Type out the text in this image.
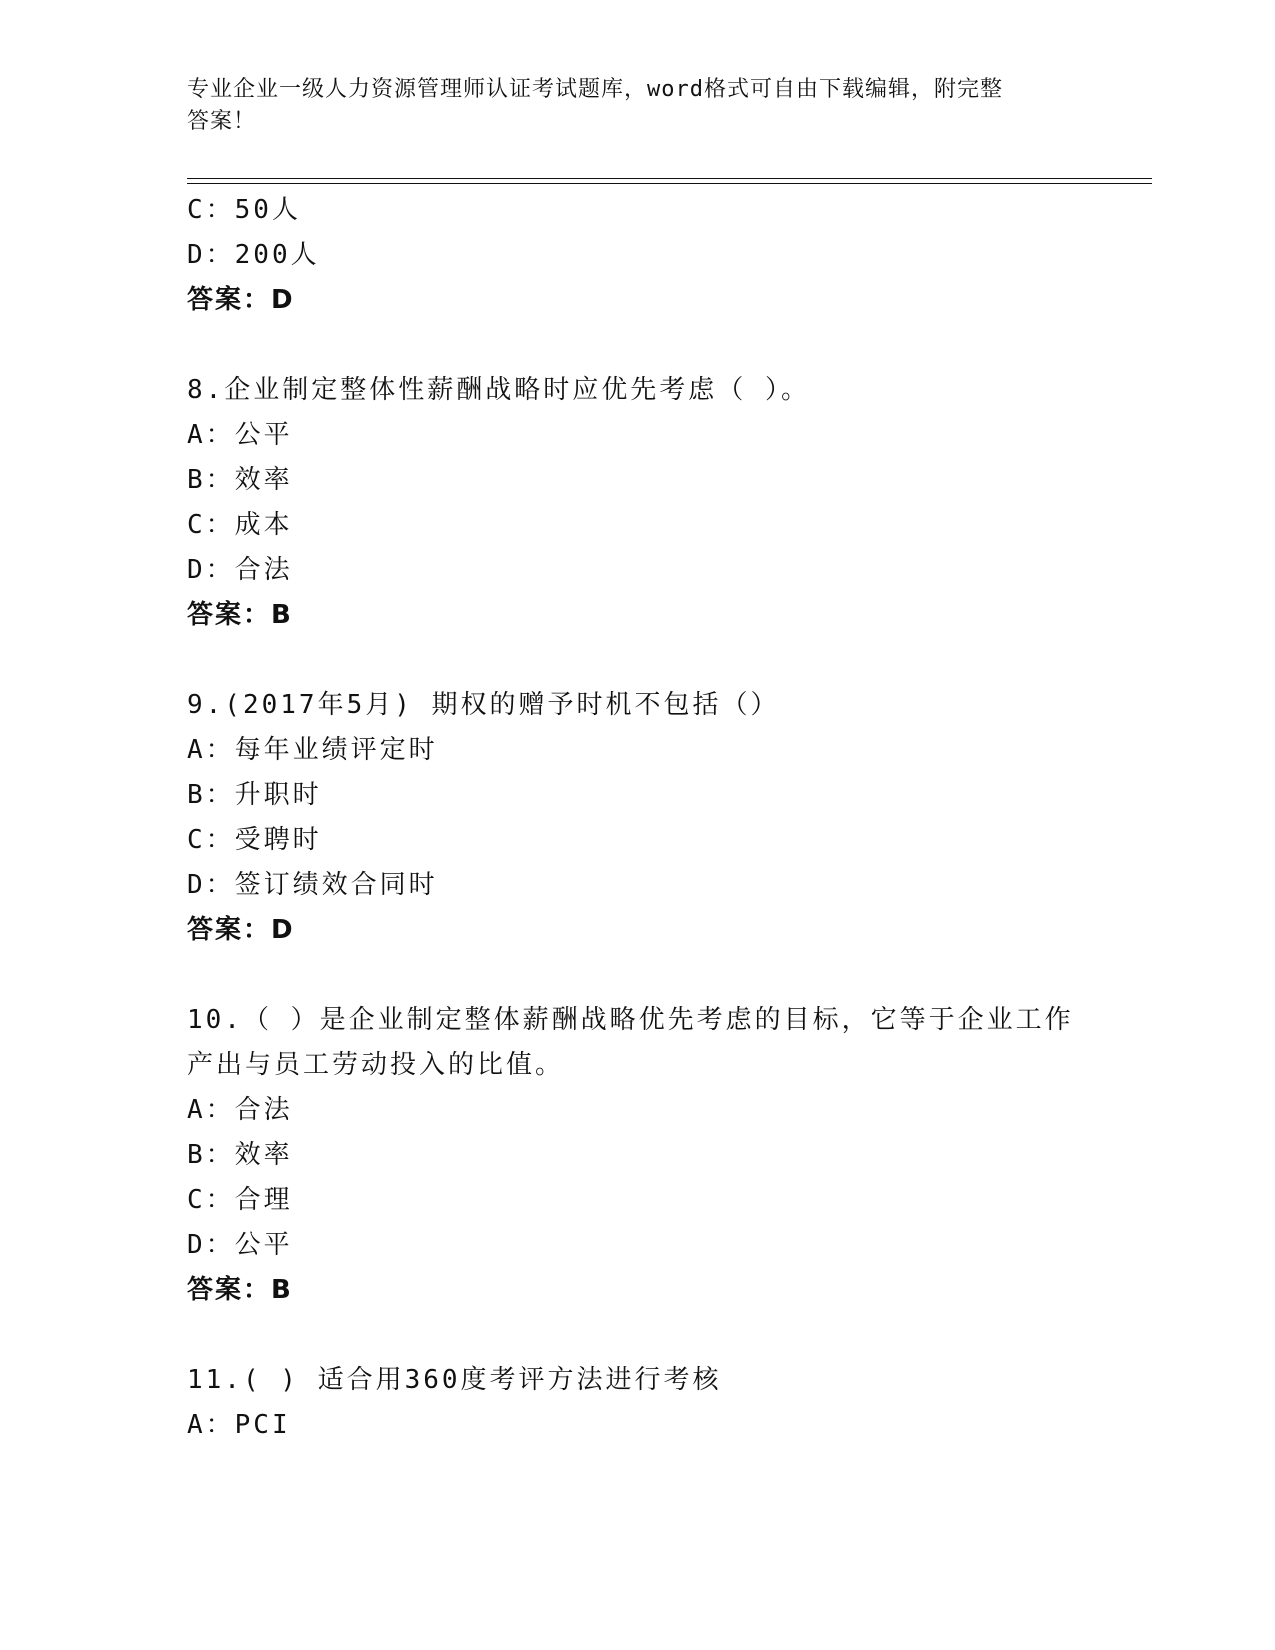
专业企业一级人力资源管理师认证考试题库，word格式可自由下载编辑，附完整
答案！
C：50人
D：200人
答案：D
8.企业制定整体性薪酬战略时应优先考虑（ ）。
A：公平
B：效率
C：成本
D：合法
答案：B
9.(2017年5月) 期权的赠予时机不包括（）
A：每年业绩评定时
B：升职时
C：受聘时
D：签订绩效合同时
答案：D
10.（ ）是企业制定整体薪酬战略优先考虑的目标，它等于企业工作
产出与员工劳动投入的比值。
A：合法
B：效率
C：合理
D：公平
答案：B
11.( ) 适合用360度考评方法进行考核
A：PCI
